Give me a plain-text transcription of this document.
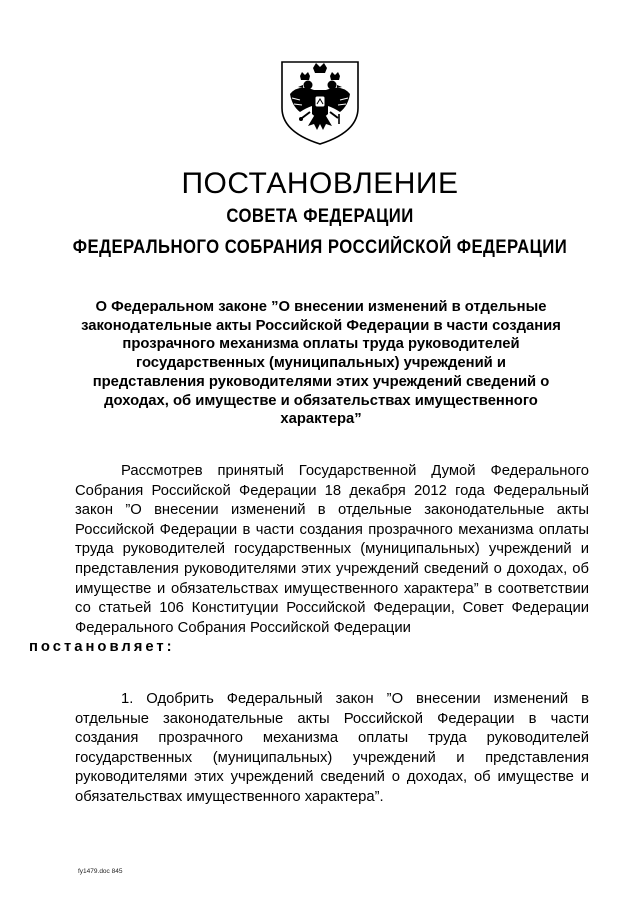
ПОСТАНОВЛЕНИЕ
СОВЕТА ФЕДЕРАЦИИ
ФЕДЕРАЛЬНОГО СОБРАНИЯ РОССИЙСКОЙ ФЕДЕРАЦИИ
О Федеральном законе ”О внесении изменений в отдельные законодательные акты Российской Федерации в части создания прозрачного механизма оплаты труда руководителей государственных (муниципальных) учреждений и представления руководителями этих учреждений сведений о доходах, об имуществе и обязательствах имущественного характера”
Рассмотрев принятый Государственной Думой Федерального Собрания Российской Федерации 18 декабря 2012 года Федеральный закон ”О внесении изменений в отдельные законодательные акты Российской Федерации в части создания прозрачного механизма оплаты труда руководителей государственных (муниципальных) учреждений и представления руководителями этих учреждений сведений о доходах, об имуществе и обязательствах имущественного характера” в соответствии со статьей 106 Конституции Российской Федерации, Совет Федерации Федерального Собрания Российской Федерации
постановляет:
1. Одобрить Федеральный закон ”О внесении изменений в отдельные законодательные акты Российской Федерации в части создания прозрачного механизма оплаты труда руководителей государственных (муниципальных) учреждений и представления руководителями этих учреждений сведений о доходах, об имуществе и обязательствах имущественного характера”.
fy1479.doc 845
